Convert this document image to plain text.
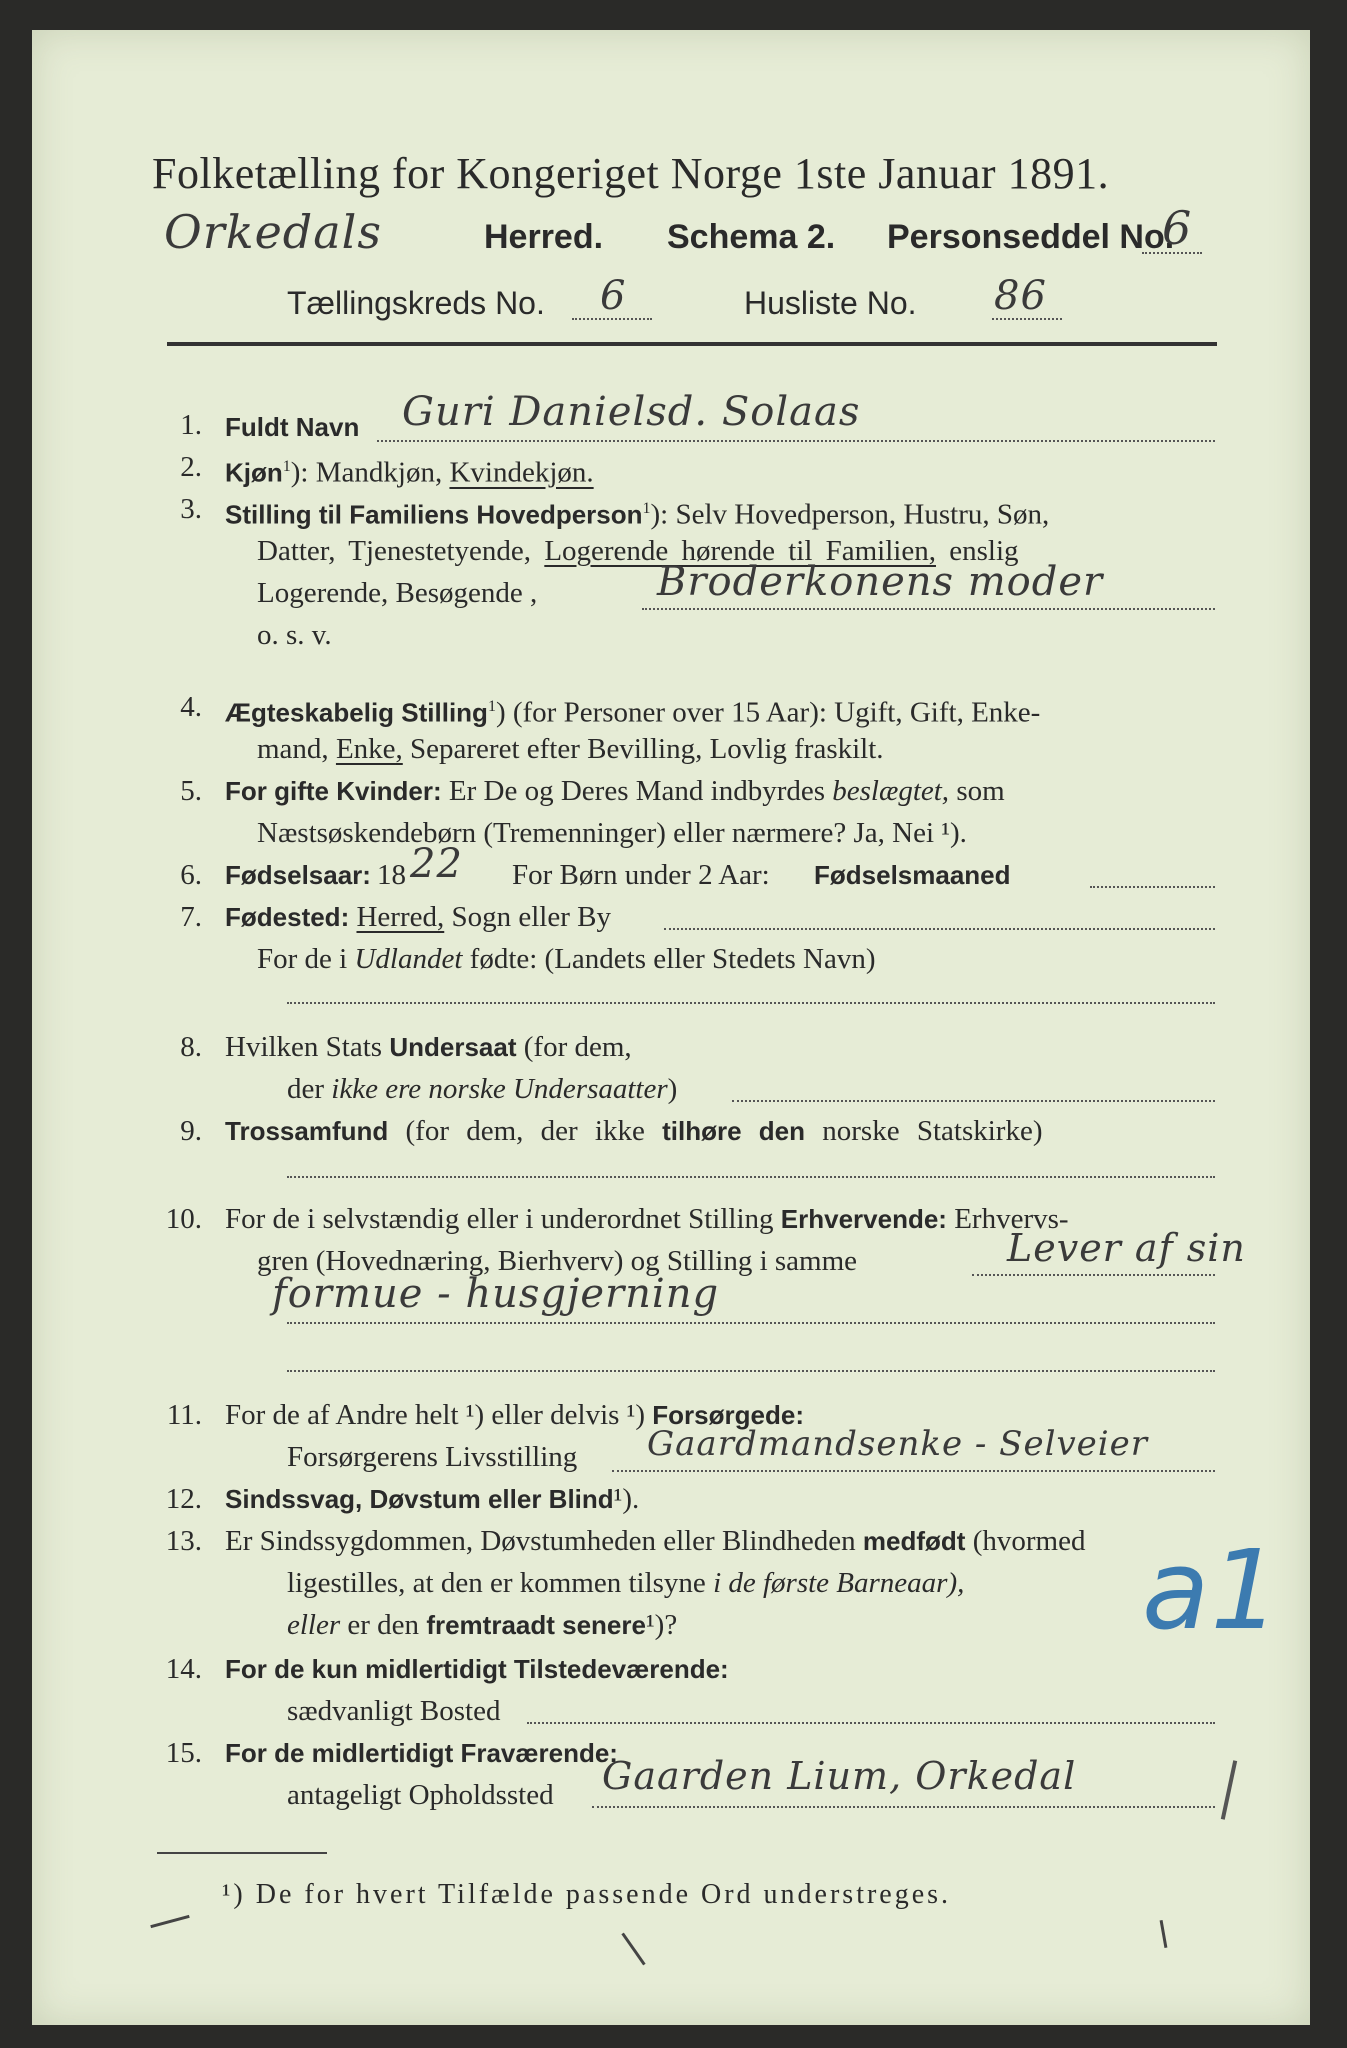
Folketælling for Kongeriget Norge 1ste Januar 1891.
Orkedals	Herred. Schema 2. Personseddel No.
6
Tællingskreds No. 6	Husliste No. 86
1. Fuldt Navn Guri Danielsd. Solaas
2. Kjøn$^1$): Mandkjøn, Kvindekjøn.
3. Stilling til Familiens Hovedperson$^1$): Selv Hovedperson, Hustru, Søn,
Datter, Tjenestetyende, Logerende hørende til Familien, enslig
Logerende, Besøgende ,	Broderkonens moder
o. s. v.
4. Ægteskabelig Stilling$^1$) (for Personer over 15 Aar): Ugift, Gift, Enke-
mand, Enke, Separeret efter Bevilling, Lovlig fraskilt.
5. For gifte Kvinder: Er De og Deres Mand indbyrdes beslægtet, som
Næstsøskendebørn (Tremenninger) eller nærmere? Ja, Nei ¹).
6. Fødselsaar: 18 22 For Børn under 2 Aar: Fødselsmaaned
7. Fødested: Herred, Sogn eller By
For de i Udlandet fødte: (Landets eller Stedets Navn)
8. Hvilken Stats Undersaat (for dem,
der ikke ere norske Undersaatter)
9. Trossamfund (for dem, der ikke tilhøre den norske Statskirke)
10. For de i selvstændig eller i underordnet Stilling Erhvervende: Erhvervs-
gren (Hovednæring, Bierhverv) og Stilling i samme	Lever af sin
formue - husgjerning
11. For de af Andre helt ¹) eller delvis ¹) Forsørgede:
Forsørgerens Livsstilling Gaardmandsenke - Selveier
12. Sindssvag, Døvstum eller Blind¹).
13. Er Sindssygdommen, Døvstumheden eller Blindheden medfødt (hvormed
ligestilles, at den er kommen tilsyne i de første Barneaar),
eller er den fremtraadt senere¹)?	a1
14. For de kun midlertidigt Tilstedeværende:
sædvanligt Bosted
15. For de midlertidigt Fraværende:
antageligt Opholdssted Gaarden Lium, Orkedal
¹) De for hvert Tilfælde passende Ord understreges.
